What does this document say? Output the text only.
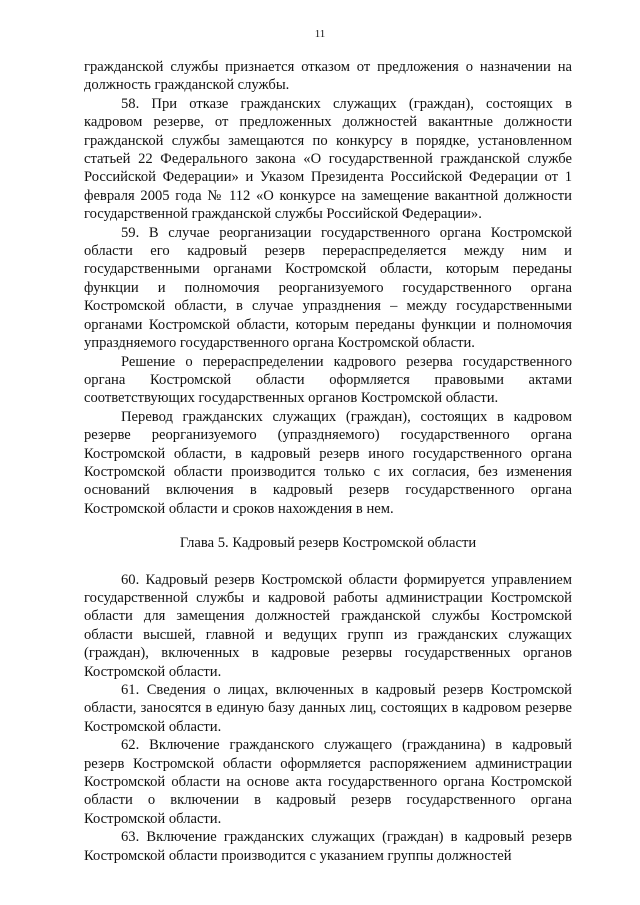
11

гражданской службы признается отказом от предложения о назначении на должность гражданской службы.

58. При отказе гражданских служащих (граждан), состоящих в кадровом резерве, от предложенных должностей вакантные должности гражданской службы замещаются по конкурсу в порядке, установленном статьей 22 Федерального закона «О государственной гражданской службе Российской Федерации» и Указом Президента Российской Федерации от 1 февраля 2005 года № 112 «О конкурсе на замещение вакантной должности государственной гражданской службы Российской Федерации».

59. В случае реорганизации государственного органа Костромской области его кадровый резерв перераспределяется между ним и государственными органами Костромской области, которым переданы функции и полномочия реорганизуемого государственного органа Костромской области, в случае упразднения – между государственными органами Костромской области, которым переданы функции и полномочия упраздняемого государственного органа Костромской области.

Решение о перераспределении кадрового резерва государственного органа Костромской области оформляется правовыми актами соответствующих государственных органов Костромской области.

Перевод гражданских служащих (граждан), состоящих в кадровом резерве реорганизуемого (упраздняемого) государственного органа Костромской области, в кадровый резерв иного государственного органа Костромской области производится только с их согласия, без изменения оснований включения в кадровый резерв государственного органа Костромской области и сроков нахождения в нем.

Глава 5. Кадровый резерв Костромской области

60. Кадровый резерв Костромской области формируется управлением государственной службы и кадровой работы администрации Костромской области для замещения должностей гражданской службы Костромской области высшей, главной и ведущих групп из гражданских служащих (граждан), включенных в кадровые резервы государственных органов Костромской области.

61. Сведения о лицах, включенных в кадровый резерв Костромской области, заносятся в единую базу данных лиц, состоящих в кадровом резерве Костромской области.

62. Включение гражданского служащего (гражданина) в кадровый резерв Костромской области оформляется распоряжением администрации Костромской области на основе акта государственного органа Костромской области о включении в кадровый резерв государственного органа Костромской области.

63. Включение гражданских служащих (граждан) в кадровый резерв Костромской области производится с указанием группы должностей
